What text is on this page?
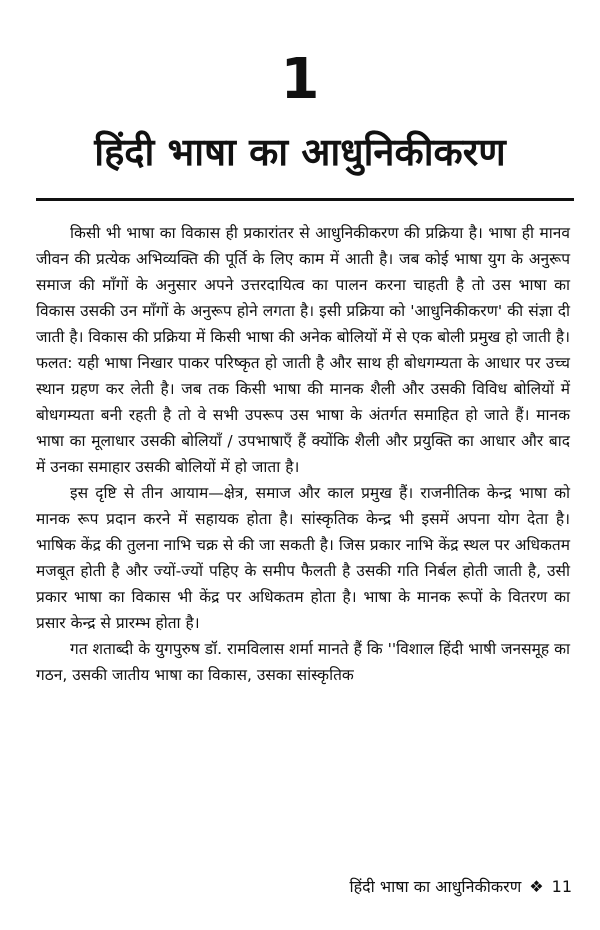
1
हिंदी भाषा का आधुनिकीकरण

किसी भी भाषा का विकास ही प्रकारांतर से आधुनिकीकरण की प्रक्रिया है। भाषा ही मानव जीवन की प्रत्येक अभिव्यक्ति की पूर्ति के लिए काम में आती है। जब कोई भाषा युग के अनुरूप समाज की माँगों के अनुसार अपने उत्तरदायित्व का पालन करना चाहती है तो उस भाषा का विकास उसकी उन माँगों के अनुरूप होने लगता है। इसी प्रक्रिया को 'आधुनिकीकरण' की संज्ञा दी जाती है। विकास की प्रक्रिया में किसी भाषा की अनेक बोलियों में से एक बोली प्रमुख हो जाती है। फलत: यही भाषा निखार पाकर परिष्कृत हो जाती है और साथ ही बोधगम्यता के आधार पर उच्च स्थान ग्रहण कर लेती है। जब तक किसी भाषा की मानक शैली और उसकी विविध बोलियों में बोधगम्यता बनी रहती है तो वे सभी उपरूप उस भाषा के अंतर्गत समाहित हो जाते हैं। मानक भाषा का मूलाधार उसकी बोलियाँ / उपभाषाएँ हैं क्योंकि शैली और प्रयुक्ति का आधार और बाद में उनका समाहार उसकी बोलियों में हो जाता है।

इस दृष्टि से तीन आयाम—क्षेत्र, समाज और काल प्रमुख हैं। राजनीतिक केन्द्र भाषा को मानक रूप प्रदान करने में सहायक होता है। सांस्कृतिक केन्द्र भी इसमें अपना योग देता है। भाषिक केंद्र की तुलना नाभि चक्र से की जा सकती है। जिस प्रकार नाभि केंद्र स्थल पर अधिकतम मजबूत होती है और ज्यों-ज्यों पहिए के समीप फैलती है उसकी गति निर्बल होती जाती है, उसी प्रकार भाषा का विकास भी केंद्र पर अधिकतम होता है। भाषा के मानक रूपों के वितरण का प्रसार केन्द्र से प्रारम्भ होता है।

गत शताब्दी के युगपुरुष डॉ. रामविलास शर्मा मानते हैं कि ''विशाल हिंदी भाषी जनसमूह का गठन, उसकी जातीय भाषा का विकास, उसका सांस्कृतिक

हिंदी भाषा का आधुनिकीकरण ❖ 11
